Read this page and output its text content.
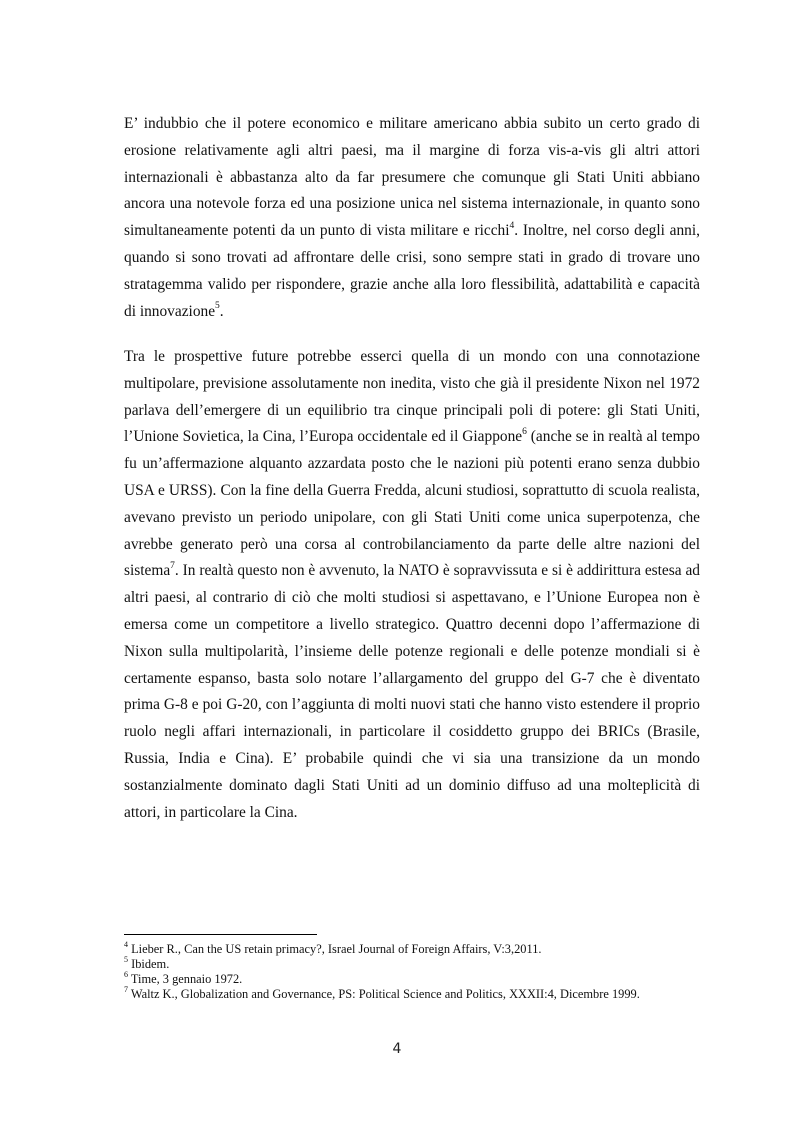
E’ indubbio che il potere economico e militare americano abbia subito un certo grado di erosione relativamente agli altri paesi, ma il margine di forza vis-a-vis gli altri attori internazionali è abbastanza alto da far presumere che comunque gli Stati Uniti abbiano ancora una notevole forza ed una posizione unica nel sistema internazionale, in quanto sono simultaneamente potenti da un punto di vista militare e ricchi$^4$. Inoltre, nel corso degli anni, quando si sono trovati ad affrontare delle crisi, sono sempre stati in grado di trovare uno stratagemma valido per rispondere, grazie anche alla loro flessibilità, adattabilità e capacità di innovazione$^5$.

Tra le prospettive future potrebbe esserci quella di un mondo con una connotazione multipolare, previsione assolutamente non inedita, visto che già il presidente Nixon nel 1972 parlava dell’emergere di un equilibrio tra cinque principali poli di potere: gli Stati Uniti, l’Unione Sovietica, la Cina, l’Europa occidentale ed il Giappone$^6$ (anche se in realtà al tempo fu un’affermazione alquanto azzardata posto che le nazioni più potenti erano senza dubbio USA e URSS). Con la fine della Guerra Fredda, alcuni studiosi, soprattutto di scuola realista, avevano previsto un periodo unipolare, con gli Stati Uniti come unica superpotenza, che avrebbe generato però una corsa al controbilanciamento da parte delle altre nazioni del sistema$^7$. In realtà questo non è avvenuto, la NATO è sopravvissuta e si è addirittura estesa ad altri paesi, al contrario di ciò che molti studiosi si aspettavano, e l’Unione Europea non è emersa come un competitore a livello strategico. Quattro decenni dopo l’affermazione di Nixon sulla multipolarità, l’insieme delle potenze regionali e delle potenze mondiali si è certamente espanso, basta solo notare l’allargamento del gruppo del G-7 che è diventato prima G-8 e poi G-20, con l’aggiunta di molti nuovi stati che hanno visto estendere il proprio ruolo negli affari internazionali, in particolare il cosiddetto gruppo dei BRICs (Brasile, Russia, India e Cina). E’ probabile quindi che vi sia una transizione da un mondo sostanzialmente dominato dagli Stati Uniti ad un dominio diffuso ad una molteplicità di attori, in particolare la Cina.

$^4$ Lieber R., Can the US retain primacy?, Israel Journal of Foreign Affairs, V:3,2011.

$^5$ Ibidem.

$^6$ Time, 3 gennaio 1972.

$^7$ Waltz K., Globalization and Governance, PS: Political Science and Politics, XXXII:4, Dicembre 1999.

4
